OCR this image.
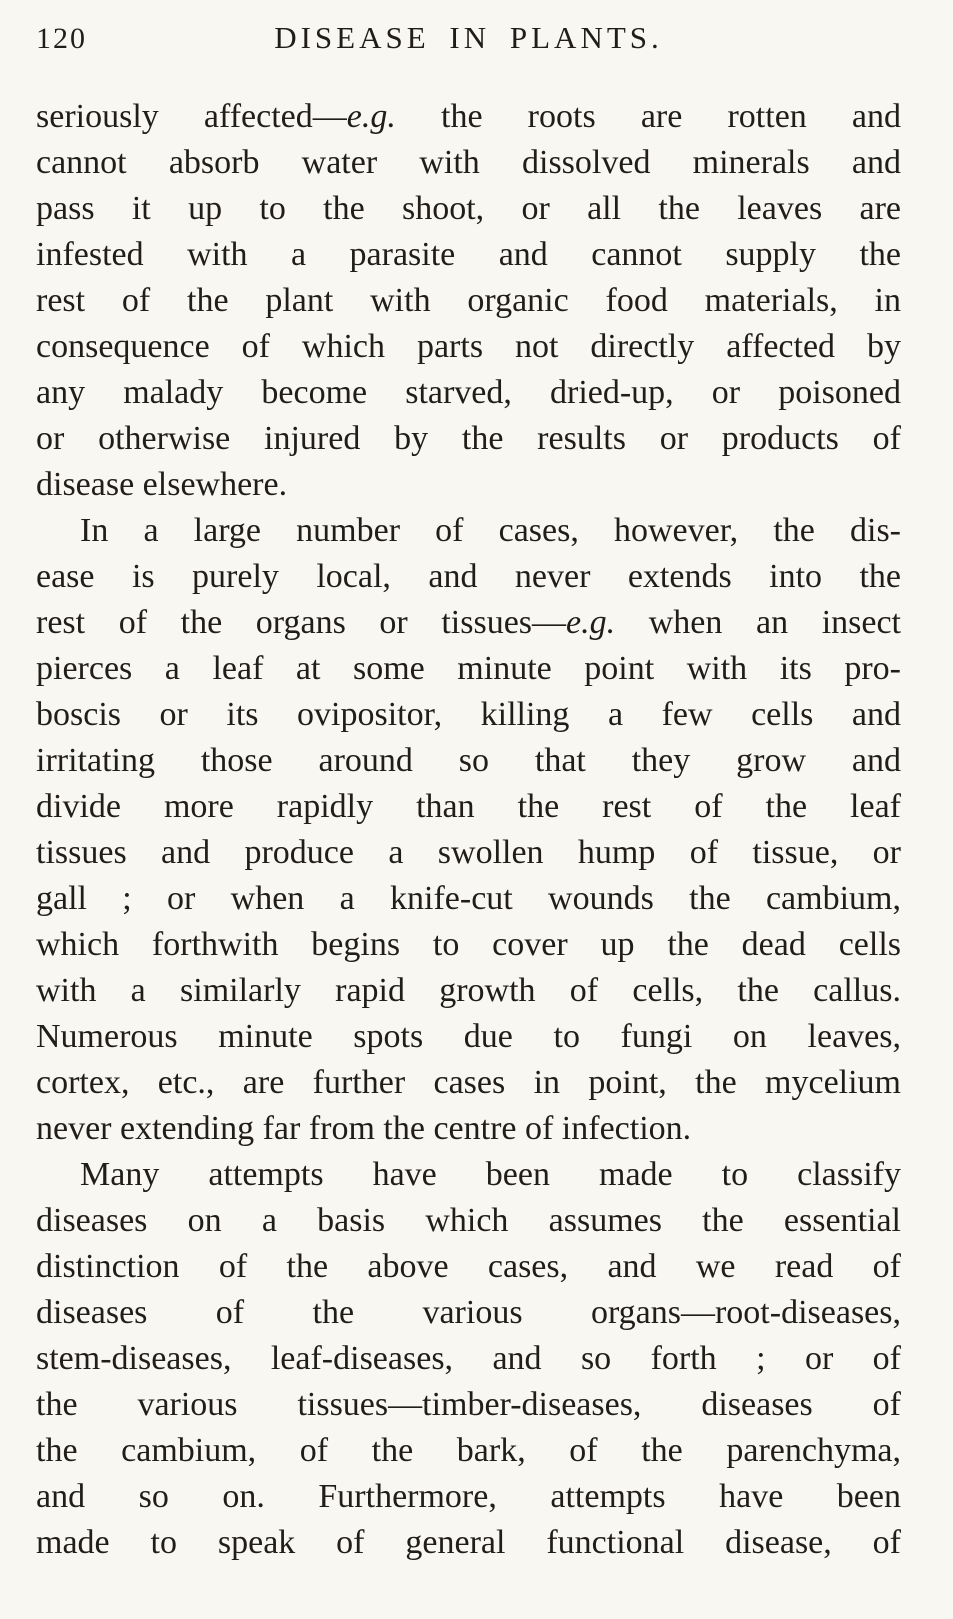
120	DISEASE IN PLANTS.
seriously affected—e.g. the roots are rotten and
cannot absorb water with dissolved minerals and
pass it up to the shoot, or all the leaves are
infested with a parasite and cannot supply the
rest of the plant with organic food materials, in
consequence of which parts not directly affected by
any malady become starved, dried-up, or poisoned
or otherwise injured by the results or products of
disease elsewhere.
In a large number of cases, however, the dis-
ease is purely local, and never extends into the
rest of the organs or tissues—e.g. when an insect
pierces a leaf at some minute point with its pro-
boscis or its ovipositor, killing a few cells and
irritating those around so that they grow and
divide more rapidly than the rest of the leaf
tissues and produce a swollen hump of tissue, or
gall ; or when a knife-cut wounds the cambium,
which forthwith begins to cover up the dead cells
with a similarly rapid growth of cells, the callus.
Numerous minute spots due to fungi on leaves,
cortex, etc., are further cases in point, the mycelium
never extending far from the centre of infection.
Many attempts have been made to classify
diseases on a basis which assumes the essential
distinction of the above cases, and we read of
diseases of the various organs—root-diseases,
stem-diseases, leaf-diseases, and so forth ; or of
the various tissues—timber-diseases, diseases of
the cambium, of the bark, of the parenchyma,
and so on. Furthermore, attempts have been
made to speak of general functional disease, of
